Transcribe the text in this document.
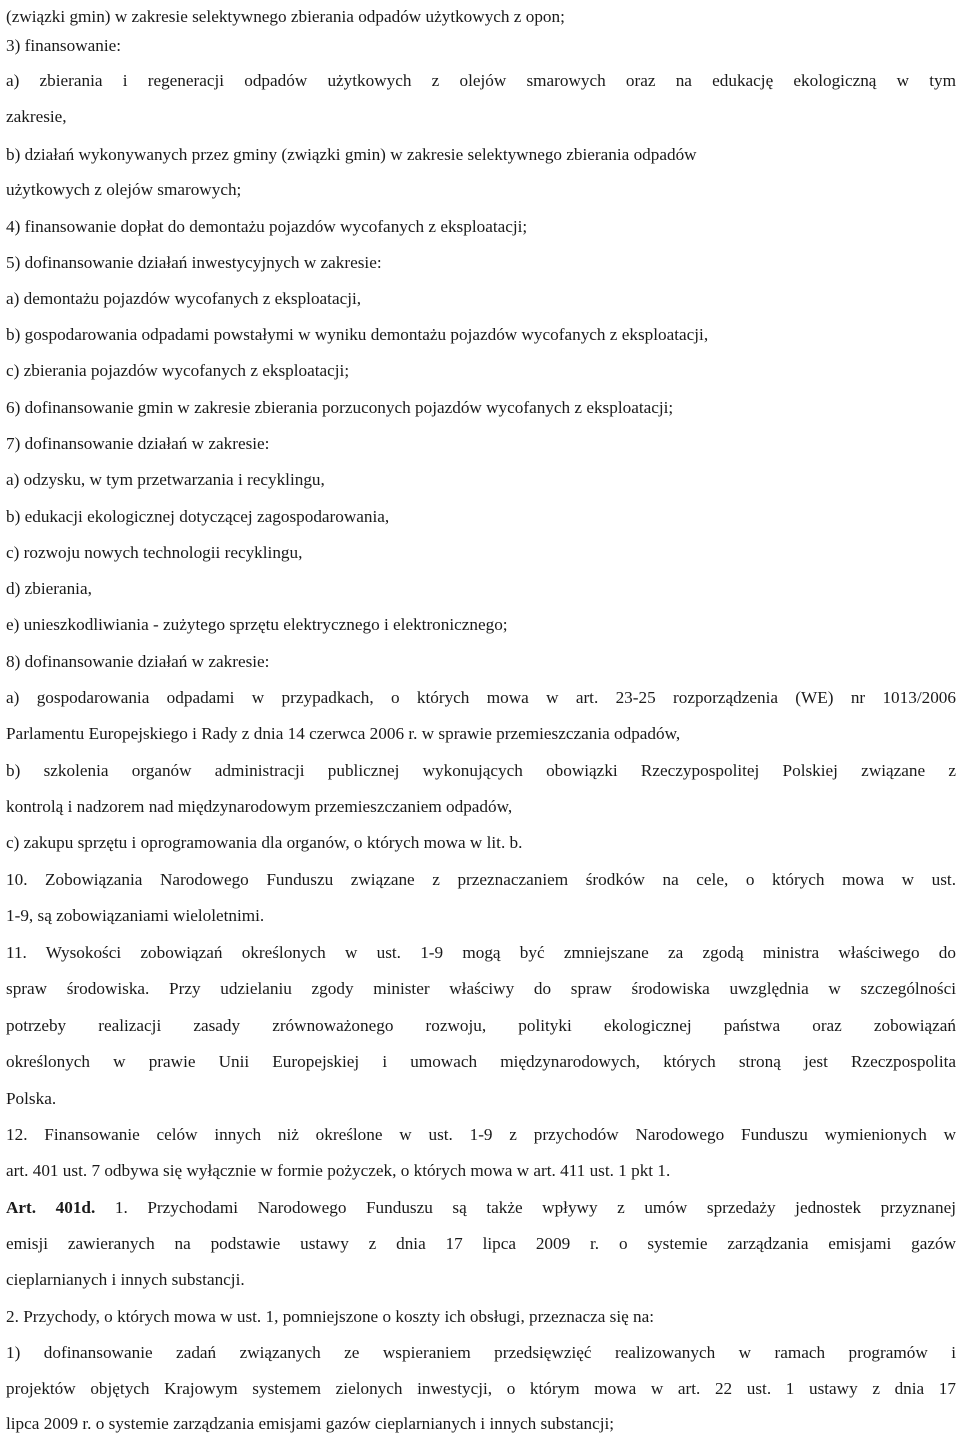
(związki gmin) w zakresie selektywnego zbierania odpadów użytkowych z opon;
3) finansowanie:
a) zbierania i regeneracji odpadów użytkowych z olejów smarowych oraz na edukację ekologiczną w tym
zakresie,
b) działań wykonywanych przez gminy (związki gmin) w zakresie selektywnego zbierania odpadów
użytkowych z olejów smarowych;
4) finansowanie dopłat do demontażu pojazdów wycofanych z eksploatacji;
5) dofinansowanie działań inwestycyjnych w zakresie:
a) demontażu pojazdów wycofanych z eksploatacji,
b) gospodarowania odpadami powstałymi w wyniku demontażu pojazdów wycofanych z eksploatacji,
c) zbierania pojazdów wycofanych z eksploatacji;
6) dofinansowanie gmin w zakresie zbierania porzuconych pojazdów wycofanych z eksploatacji;
7) dofinansowanie działań w zakresie:
a) odzysku, w tym przetwarzania i recyklingu,
b) edukacji ekologicznej dotyczącej zagospodarowania,
c) rozwoju nowych technologii recyklingu,
d) zbierania,
e) unieszkodliwiania - zużytego sprzętu elektrycznego i elektronicznego;
8) dofinansowanie działań w zakresie:
a) gospodarowania odpadami w przypadkach, o których mowa w art. 23-25 rozporządzenia (WE) nr 1013/2006
Parlamentu Europejskiego i Rady z dnia 14 czerwca 2006 r. w sprawie przemieszczania odpadów,
b) szkolenia organów administracji publicznej wykonujących obowiązki Rzeczypospolitej Polskiej związane z
kontrolą i nadzorem nad międzynarodowym przemieszczaniem odpadów,
c) zakupu sprzętu i oprogramowania dla organów, o których mowa w lit. b.
10. Zobowiązania Narodowego Funduszu związane z przeznaczaniem środków na cele, o których mowa w ust.
1-9, są zobowiązaniami wieloletnimi.
11. Wysokości zobowiązań określonych w ust. 1-9 mogą być zmniejszane za zgodą ministra właściwego do
spraw środowiska. Przy udzielaniu zgody minister właściwy do spraw środowiska uwzględnia w szczególności
potrzeby realizacji zasady zrównoważonego rozwoju, polityki ekologicznej państwa oraz zobowiązań
określonych w prawie Unii Europejskiej i umowach międzynarodowych, których stroną jest Rzeczpospolita
Polska.
12. Finansowanie celów innych niż określone w ust. 1-9 z przychodów Narodowego Funduszu wymienionych w
art. 401 ust. 7 odbywa się wyłącznie w formie pożyczek, o których mowa w art. 411 ust. 1 pkt 1.
Art. 401d. 1. Przychodami Narodowego Funduszu są także wpływy z umów sprzedaży jednostek przyznanej
emisji zawieranych na podstawie ustawy z dnia 17 lipca 2009 r. o systemie zarządzania emisjami gazów
cieplarnianych i innych substancji.
2. Przychody, o których mowa w ust. 1, pomniejszone o koszty ich obsługi, przeznacza się na:
1) dofinansowanie zadań związanych ze wspieraniem przedsięwzięć realizowanych w ramach programów i
projektów objętych Krajowym systemem zielonych inwestycji, o którym mowa w art. 22 ust. 1 ustawy z dnia 17
lipca 2009 r. o systemie zarządzania emisjami gazów cieplarnianych i innych substancji;
